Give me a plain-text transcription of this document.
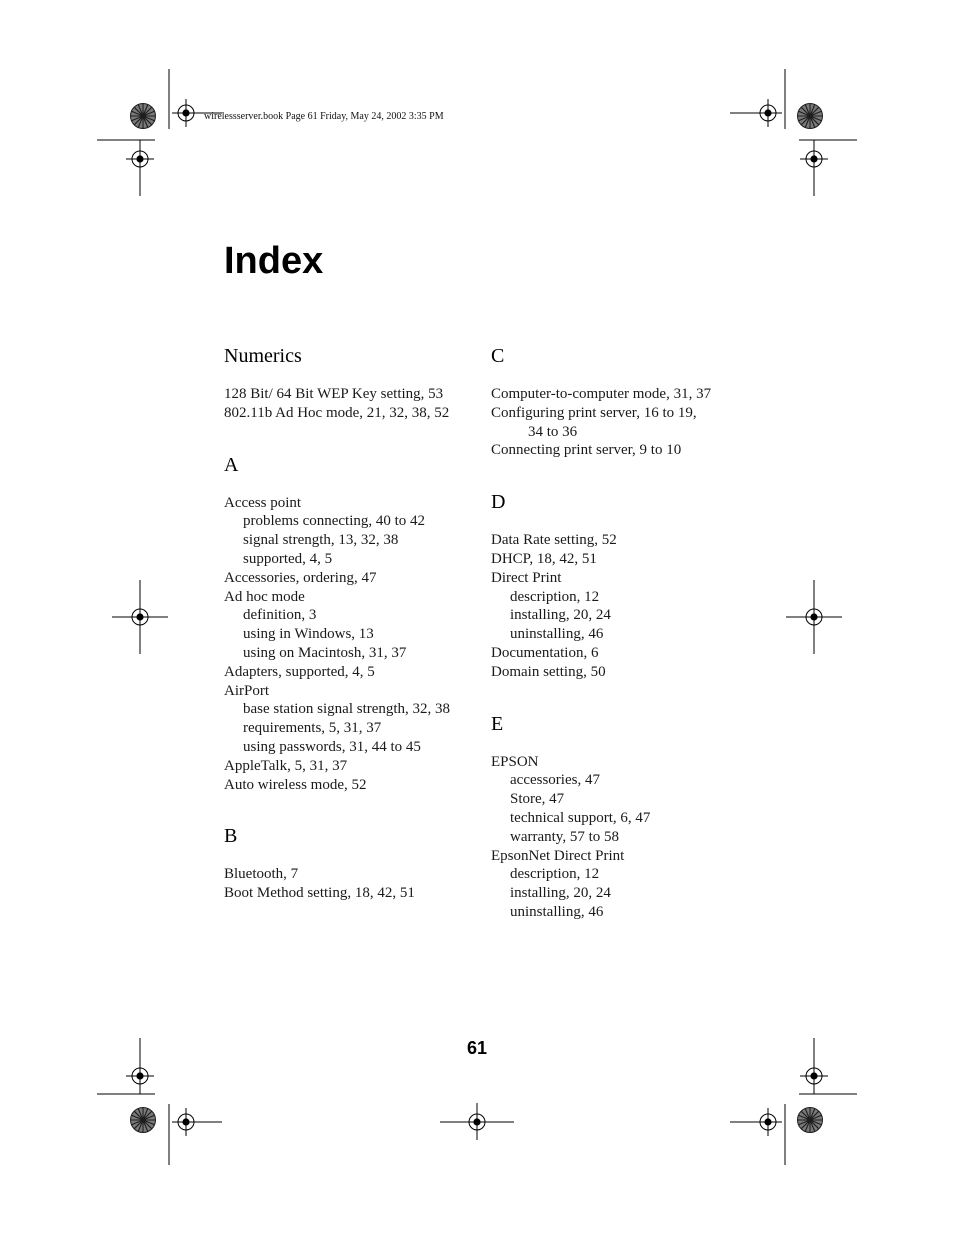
wirelessserver.book Page 61 Friday, May 24, 2002 3:35 PM
Index
Numerics
128 Bit/ 64 Bit WEP Key setting, 53
802.11b Ad Hoc mode, 21, 32, 38, 52
A
Access point
problems connecting, 40 to 42
signal strength, 13, 32, 38
supported, 4, 5
Accessories, ordering, 47
Ad hoc mode
definition, 3
using in Windows, 13
using on Macintosh, 31, 37
Adapters, supported, 4, 5
AirPort
base station signal strength, 32, 38
requirements, 5, 31, 37
using passwords, 31, 44 to 45
AppleTalk, 5, 31, 37
Auto wireless mode, 52
B
Bluetooth, 7
Boot Method setting, 18, 42, 51
C
Computer-to-computer mode, 31, 37
Configuring print server, 16 to 19,
34 to 36
Connecting print server, 9 to 10
D
Data Rate setting, 52
DHCP, 18, 42, 51
Direct Print
description, 12
installing, 20, 24
uninstalling, 46
Documentation, 6
Domain setting, 50
E
EPSON
accessories, 47
Store, 47
technical support, 6, 47
warranty, 57 to 58
EpsonNet Direct Print
description, 12
installing, 20, 24
uninstalling, 46
61
